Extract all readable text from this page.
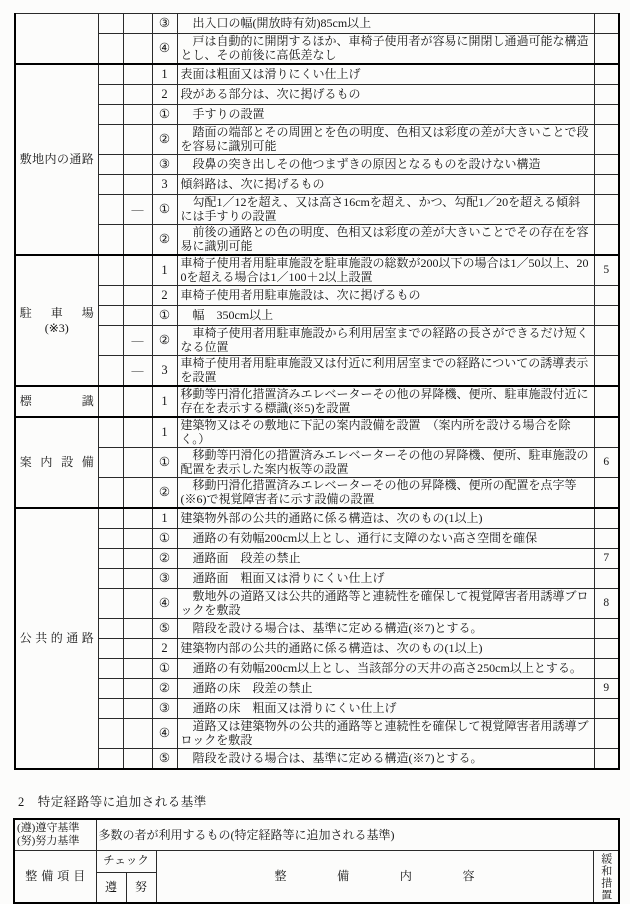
			③	　出入口の幅(開放時有効)85cm以上	
			④	　戸は自動的に開閉するほか、車椅子使用者が容易に開閉し通過可能な構造とし、その前後に高低差なし	

敷地内の通路			1	表面は粗面又は滑りにくい仕上げ	
			2	段がある部分は、次に掲げるもの	
			①	　手すりの設置	
			②	　踏面の端部とその周囲とを色の明度、色相又は彩度の差が大きいことで段を容易に識別可能	
			③	　段鼻の突き出しその他つまずきの原因となるものを設けない構造	
			3	傾斜路は、次に掲げるもの	
		―	①	　勾配1／12を超え、又は高さ16cmを超え、かつ、勾配1／20を超える傾斜には手すりの設置	
			②	　前後の通路との色の明度、色相又は彩度の差が大きいことでその存在を容易に識別可能	

駐車場
(※3)			1	車椅子使用者用駐車施設を駐車施設の総数が200以下の場合は1／50以上、200を超える場合は1／100＋2以上設置	5
			2	車椅子使用者用駐車施設は、次に掲げるもの	
			①	　幅　350cm以上	
		―	②	　車椅子使用者用駐車施設から利用居室までの経路の長さができるだけ短くなる位置	
		―	3	車椅子使用者用駐車施設又は付近に利用居室までの経路についての誘導表示を設置	

標識			1	移動等円滑化措置済みエレベーターその他の昇降機、便所、駐車施設付近に存在を表示する標識(※5)を設置	

案内設備			1	建築物又はその敷地に下記の案内設備を設置　（案内所を設ける場合を除く。）	
			①	　移動等円滑化の措置済みエレベーターその他の昇降機、便所、駐車施設の配置を表示した案内板等の設置	6
			②	　移動円滑化措置済みエレベーターその他の昇降機、便所の配置を点字等(※6)で視覚障害者に示す設備の設置	

公共的通路			1	建築物外部の公共的通路に係る構造は、次のもの(1以上)	
			①	　通路の有効幅200cm以上とし、通行に支障のない高さ空間を確保	
			②	　通路面　段差の禁止	7
			③	　通路面　粗面又は滑りにくい仕上げ	
			④	　敷地外の道路又は公共的通路等と連続性を確保して視覚障害者用誘導ブロックを敷設	8
			⑤	　階段を設ける場合は、基準に定める構造(※7)とする。	
			2	建築物内部の公共的通路に係る構造は、次のもの(1以上)	
			①	　通路の有効幅200cm以上とし、当該部分の天井の高さ250cm以上とする。	
			②	　通路の床　段差の禁止	9
			③	　通路の床　粗面又は滑りにくい仕上げ	
			④	　道路又は建築物外の公共的通路等と連続性を確保して視覚障害者用誘導ブロックを敷設	
			⑤	　階段を設ける場合は、基準に定める構造(※7)とする。	
2　特定経路等に追加される基準
(遵)遵守基準
(努)努力基準	多数の者が利用するもの(特定経路等に追加される基準)			

整備項目	チェック		整備内容	緩和措置

	遵	努		
